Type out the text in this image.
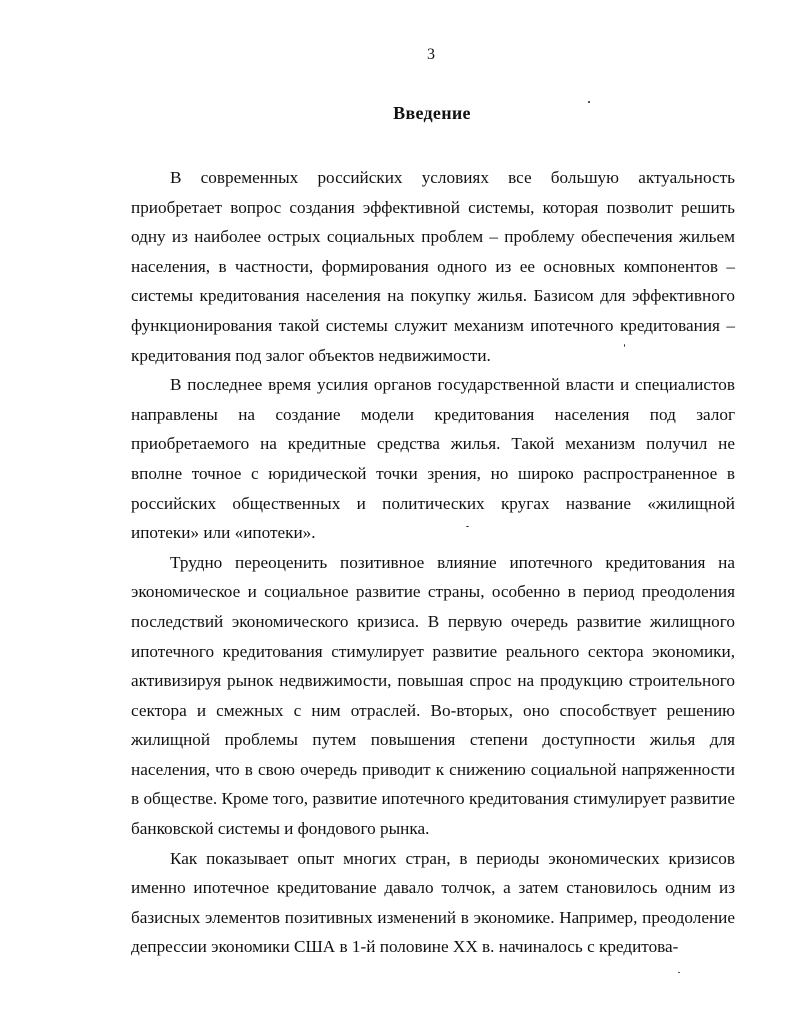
3
Введение

В современных российских условиях все большую актуальность приобретает вопрос создания эффективной системы, которая позволит решить одну из наиболее острых социальных проблем – проблему обеспечения жильем населения, в частности, формирования одного из ее основных компонентов – системы кредитования населения на покупку жилья. Базисом для эффективного функционирования такой системы служит механизм ипотечного кредитования – кредитования под залог объектов недвижимости.

В последнее время усилия органов государственной власти и специалистов направлены на создание модели кредитования населения под залог приобретаемого на кредитные средства жилья. Такой механизм получил не вполне точное с юридической точки зрения, но широко распространенное в российских общественных и политических кругах название «жилищной ипотеки» или «ипотеки».

Трудно переоценить позитивное влияние ипотечного кредитования на экономическое и социальное развитие страны, особенно в период преодоления последствий экономического кризиса. В первую очередь развитие жилищного ипотечного кредитования стимулирует развитие реального сектора экономики, активизируя рынок недвижимости, повышая спрос на продукцию строительного сектора и смежных с ним отраслей. Во-вторых, оно способствует решению жилищной проблемы путем повышения степени доступности жилья для населения, что в свою очередь приводит к снижению социальной напряженности в обществе. Кроме того, развитие ипотечного кредитования стимулирует развитие банковской системы и фондового рынка.

Как показывает опыт многих стран, в периоды экономических кризисов именно ипотечное кредитование давало толчок, а затем становилось одним из базисных элементов позитивных изменений в экономике. Например, преодоление депрессии экономики США в 1-й половине XX в. начиналось с кредитова-
